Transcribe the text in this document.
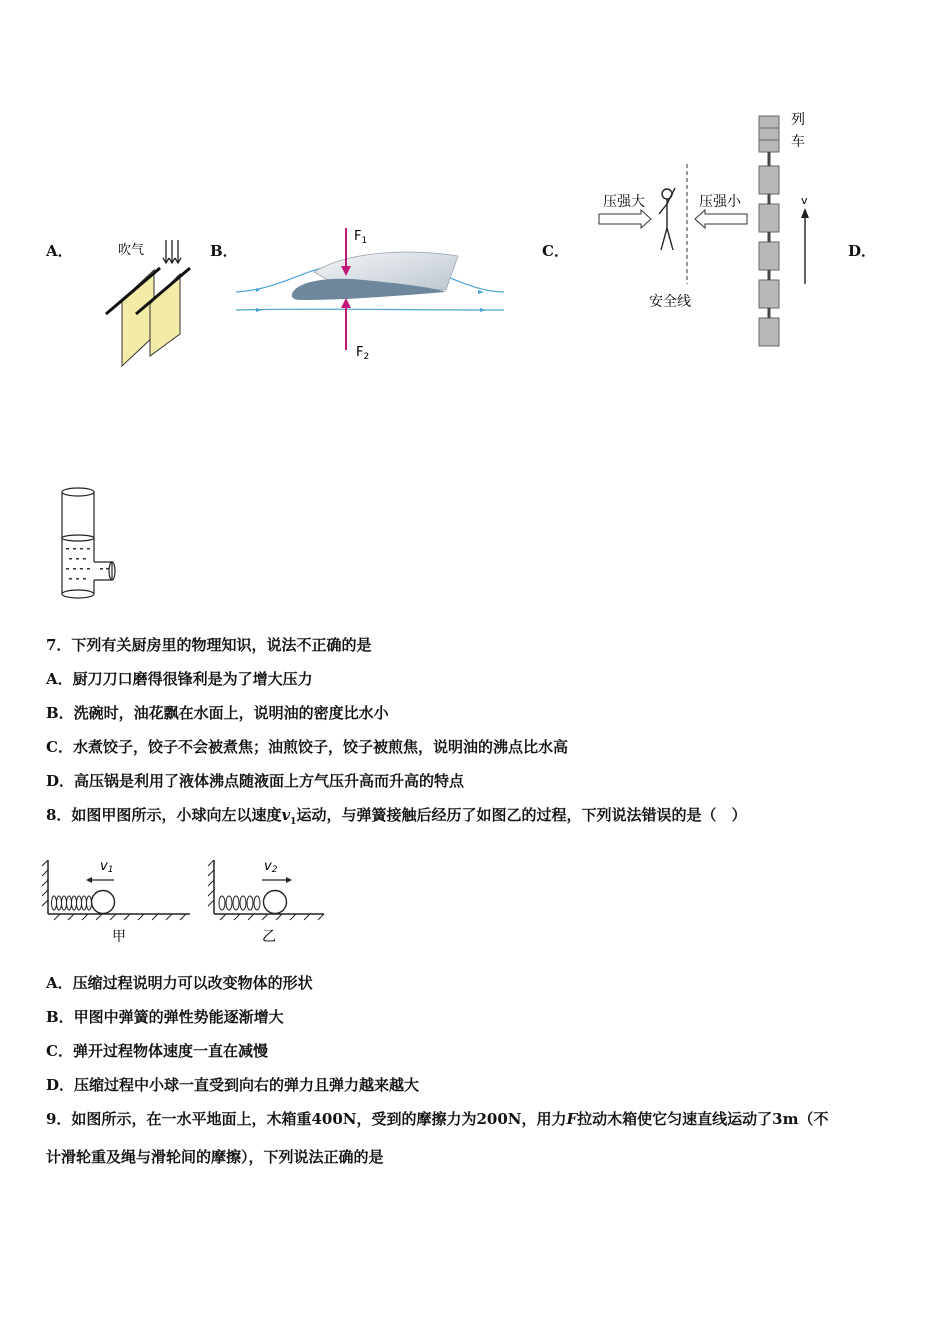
A．	B．	C．	D．
吹气
$F_1$
$F_2$
压强大	压强小
安全线
列
车
v
7．下列有关厨房里的物理知识，说法不正确的是
A．厨刀刀口磨得很锋利是为了增大压力
B．洗碗时，油花飘在水面上，说明油的密度比水小
C．水煮饺子，饺子不会被煮焦；油煎饺子，饺子被煎焦，说明油的沸点比水高
D．高压锅是利用了液体沸点随液面上方气压升高而升高的特点
8．如图甲图所示，小球向左以速度$v_1$运动，与弹簧接触后经历了如图乙的过程，下列说法错误的是（　）
v1
甲
v2
乙
A．压缩过程说明力可以改变物体的形状
B．甲图中弹簧的弹性势能逐渐增大
C．弹开过程物体速度一直在减慢
D．压缩过程中小球一直受到向右的弹力且弹力越来越大
9．如图所示，在一水平地面上，木箱重400N，受到的摩擦力为200N，用力F拉动木箱使它匀速直线运动了3m（不
计滑轮重及绳与滑轮间的摩擦），下列说法正确的是
